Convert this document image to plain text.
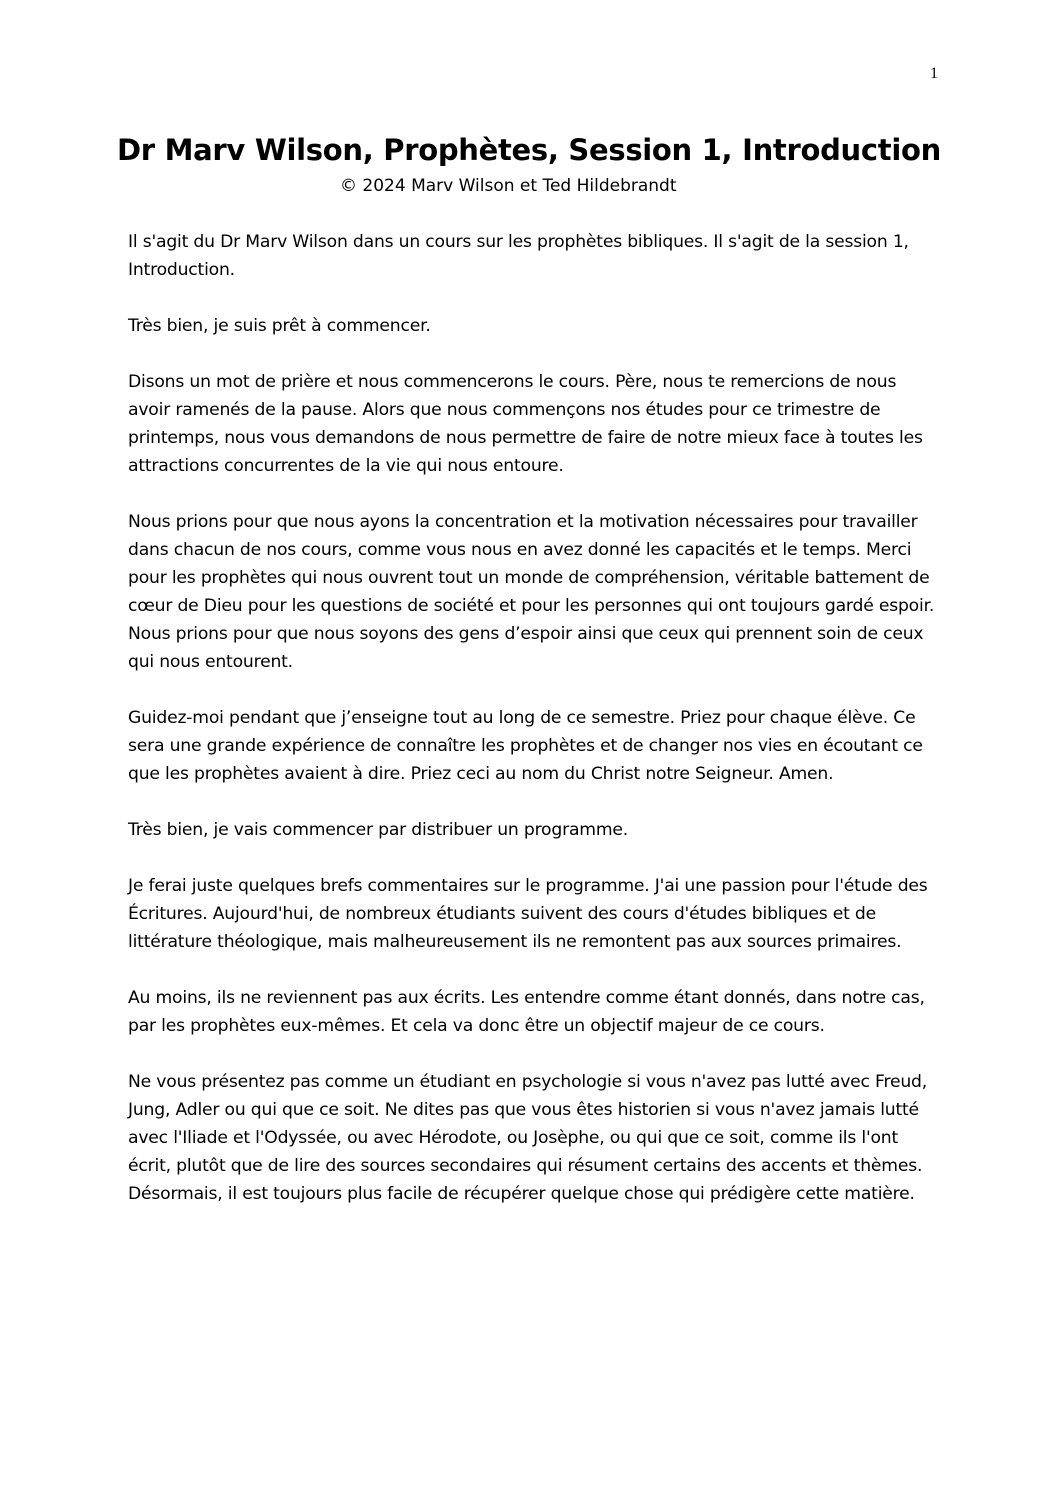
1
Dr Marv Wilson, Prophètes, Session 1, Introduction
© 2024 Marv Wilson et Ted Hildebrandt

Il s'agit du Dr Marv Wilson dans un cours sur les prophètes bibliques. Il s'agit de la session 1, Introduction.

Très bien, je suis prêt à commencer.

Disons un mot de prière et nous commencerons le cours. Père, nous te remercions de nous avoir ramenés de la pause. Alors que nous commençons nos études pour ce trimestre de printemps, nous vous demandons de nous permettre de faire de notre mieux face à toutes les attractions concurrentes de la vie qui nous entoure.

Nous prions pour que nous ayons la concentration et la motivation nécessaires pour travailler dans chacun de nos cours, comme vous nous en avez donné les capacités et le temps. Merci pour les prophètes qui nous ouvrent tout un monde de compréhension, véritable battement de cœur de Dieu pour les questions de société et pour les personnes qui ont toujours gardé espoir. Nous prions pour que nous soyons des gens d’espoir ainsi que ceux qui prennent soin de ceux qui nous entourent.

Guidez-moi pendant que j’enseigne tout au long de ce semestre. Priez pour chaque élève. Ce sera une grande expérience de connaître les prophètes et de changer nos vies en écoutant ce que les prophètes avaient à dire. Priez ceci au nom du Christ notre Seigneur. Amen.

Très bien, je vais commencer par distribuer un programme.

Je ferai juste quelques brefs commentaires sur le programme. J'ai une passion pour l'étude des Écritures. Aujourd'hui, de nombreux étudiants suivent des cours d'études bibliques et de littérature théologique, mais malheureusement ils ne remontent pas aux sources primaires.

Au moins, ils ne reviennent pas aux écrits. Les entendre comme étant donnés, dans notre cas, par les prophètes eux-mêmes. Et cela va donc être un objectif majeur de ce cours.

Ne vous présentez pas comme un étudiant en psychologie si vous n'avez pas lutté avec Freud, Jung, Adler ou qui que ce soit. Ne dites pas que vous êtes historien si vous n'avez jamais lutté avec l'Iliade et l'Odyssée, ou avec Hérodote, ou Josèphe, ou qui que ce soit, comme ils l'ont écrit, plutôt que de lire des sources secondaires qui résument certains des accents et thèmes. Désormais, il est toujours plus facile de récupérer quelque chose qui prédigère cette matière.
